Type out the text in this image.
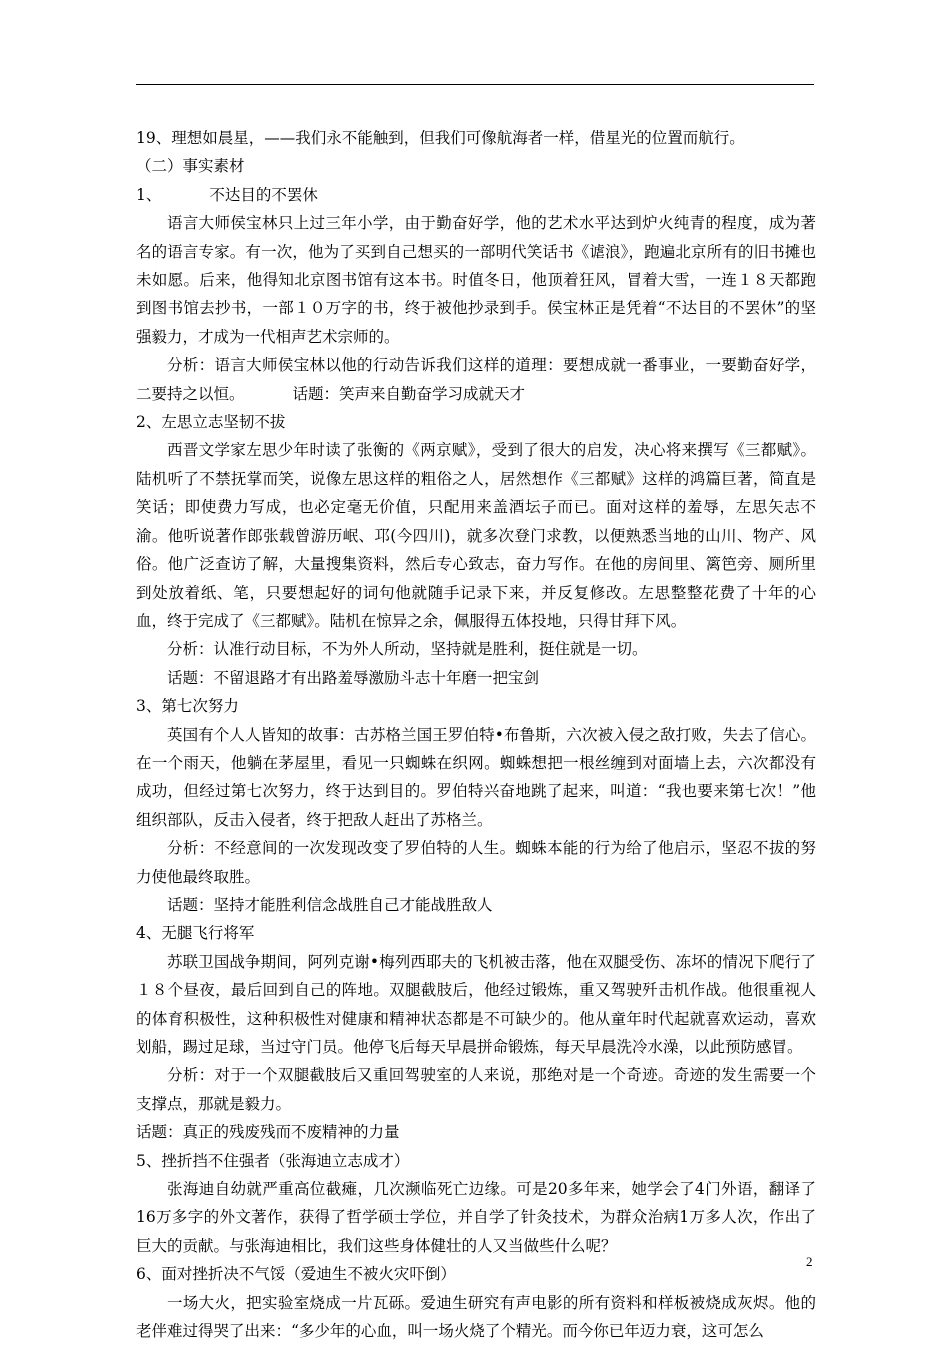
19、理想如晨星，——我们永不能触到，但我们可像航海者一样，借星光的位置而航行。

（二）事实素材

1、	不达目的不罢休

语言大师侯宝林只上过三年小学，由于勤奋好学，他的艺术水平达到炉火纯青的程度，成为著名的语言专家。有一次，他为了买到自己想买的一部明代笑话书《谑浪》，跑遍北京所有的旧书摊也未如愿。后来，他得知北京图书馆有这本书。时值冬日，他顶着狂风，冒着大雪，一连１８天都跑到图书馆去抄书，一部１０万字的书，终于被他抄录到手。侯宝林正是凭着“不达目的不罢休”的坚强毅力，才成为一代相声艺术宗师的。

分析：语言大师侯宝林以他的行动告诉我们这样的道理：要想成就一番事业，一要勤奋好学，二要持之以恒。	话题：笑声来自勤奋学习成就天才

2、左思立志坚韧不拔

西晋文学家左思少年时读了张衡的《两京赋》，受到了很大的启发，决心将来撰写《三都赋》。陆机听了不禁抚掌而笑，说像左思这样的粗俗之人，居然想作《三都赋》这样的鸿篇巨著，简直是笑话；即使费力写成，也必定毫无价值，只配用来盖酒坛子而已。面对这样的羞辱，左思矢志不渝。他听说著作郎张载曾游历岷、邛(今四川)，就多次登门求教，以便熟悉当地的山川、物产、风俗。他广泛查访了解，大量搜集资料，然后专心致志，奋力写作。在他的房间里、篱笆旁、厕所里到处放着纸、笔，只要想起好的词句他就随手记录下来，并反复修改。左思整整花费了十年的心血，终于完成了《三都赋》。陆机在惊异之余，佩服得五体投地，只得甘拜下风。

分析：认准行动目标，不为外人所动，坚持就是胜利，挺住就是一切。

话题：不留退路才有出路羞辱激励斗志十年磨一把宝剑

3、第七次努力

英国有个人人皆知的故事：古苏格兰国王罗伯特•布鲁斯，六次被入侵之敌打败，失去了信心。在一个雨天，他躺在茅屋里，看见一只蜘蛛在织网。蜘蛛想把一根丝缠到对面墙上去，六次都没有成功，但经过第七次努力，终于达到目的。罗伯特兴奋地跳了起来，叫道：“我也要来第七次！”他组织部队，反击入侵者，终于把敌人赶出了苏格兰。

分析：不经意间的一次发现改变了罗伯特的人生。蜘蛛本能的行为给了他启示，坚忍不拔的努力使他最终取胜。

话题：坚持才能胜利信念战胜自己才能战胜敌人

4、无腿飞行将军

苏联卫国战争期间，阿列克谢•梅列西耶夫的飞机被击落，他在双腿受伤、冻坏的情况下爬行了１８个昼夜，最后回到自己的阵地。双腿截肢后，他经过锻炼，重又驾驶歼击机作战。他很重视人的体育积极性，这种积极性对健康和精神状态都是不可缺少的。他从童年时代起就喜欢运动，喜欢划船，踢过足球，当过守门员。他停飞后每天早晨拼命锻炼，每天早晨洗冷水澡，以此预防感冒。

分析：对于一个双腿截肢后又重回驾驶室的人来说，那绝对是一个奇迹。奇迹的发生需要一个支撑点，那就是毅力。

话题：真正的残废残而不废精神的力量

5、挫折挡不住强者（张海迪立志成才）

张海迪自幼就严重高位截瘫，几次濒临死亡边缘。可是20多年来，她学会了4门外语，翻译了16万多字的外文著作，获得了哲学硕士学位，并自学了针灸技术，为群众治病1万多人次，作出了巨大的贡献。与张海迪相比，我们这些身体健壮的人又当做些什么呢？

6、面对挫折决不气馁（爱迪生不被火灾吓倒）

一场大火，把实验室烧成一片瓦砾。爱迪生研究有声电影的所有资料和样板被烧成灰烬。他的老伴难过得哭了出来：“多少年的心血，叫一场火烧了个精光。而今你已年迈力衰，这可怎么

2
